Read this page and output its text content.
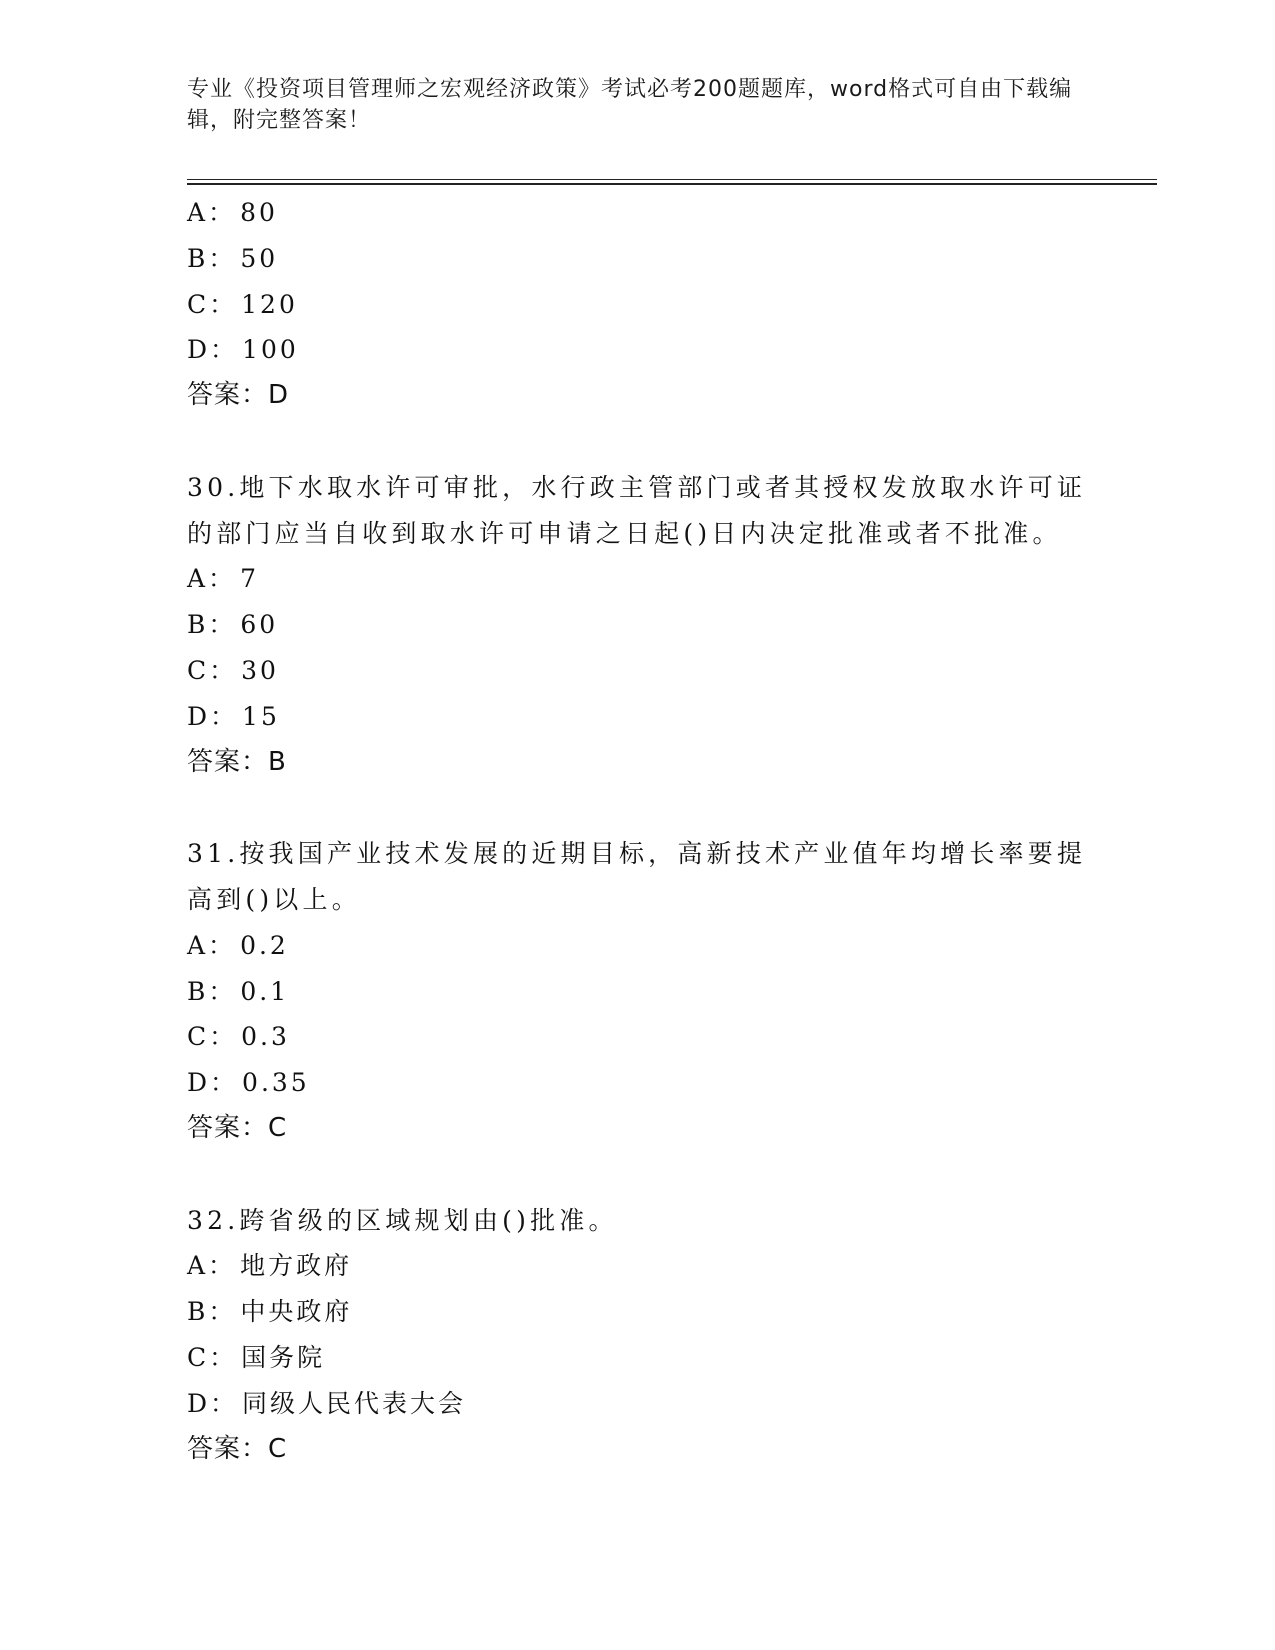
专业《投资项目管理师之宏观经济政策》考试必考200题题库，word格式可自由下载编辑，附完整答案！
A： 80
B： 50
C： 120
D： 100
答案：D
30.地下水取水许可审批，水行政主管部门或者其授权发放取水许可证
的部门应当自收到取水许可申请之日起()日内决定批准或者不批准。
A： 7
B： 60
C： 30
D： 15
答案：B
31.按我国产业技术发展的近期目标，高新技术产业值年均增长率要提
高到()以上。
A： 0.2
B： 0.1
C： 0.3
D： 0.35
答案：C
32.跨省级的区域规划由()批准。
A： 地方政府
B： 中央政府
C： 国务院
D： 同级人民代表大会
答案：C
